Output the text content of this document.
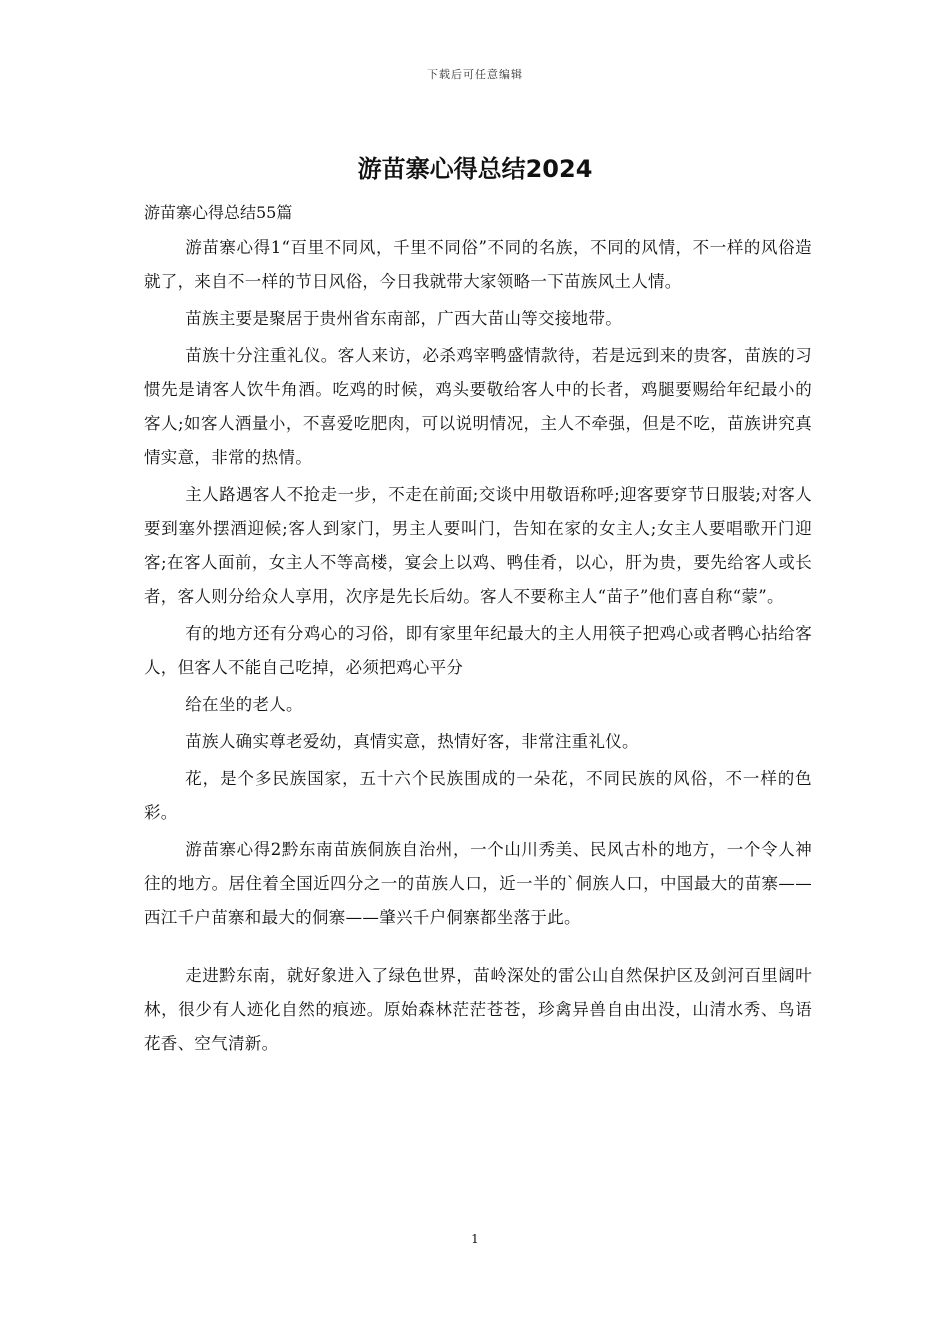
下载后可任意编辑
游苗寨心得总结2024

游苗寨心得总结55篇

游苗寨心得1“百里不同风，千里不同俗”不同的名族，不同的风情，不一样的风俗造就了，来自不一样的节日风俗，今日我就带大家领略一下苗族风土人情。

苗族主要是聚居于贵州省东南部，广西大苗山等交接地带。

苗族十分注重礼仪。客人来访，必杀鸡宰鸭盛情款待，若是远到来的贵客，苗族的习惯先是请客人饮牛角酒。吃鸡的时候，鸡头要敬给客人中的长者，鸡腿要赐给年纪最小的客人;如客人酒量小，不喜爱吃肥肉，可以说明情况，主人不牵强，但是不吃，苗族讲究真情实意，非常的热情。

主人路遇客人不抢走一步，不走在前面;交谈中用敬语称呼;迎客要穿节日服装;对客人要到塞外摆酒迎候;客人到家门，男主人要叫门，告知在家的女主人;女主人要唱歌开门迎客;在客人面前，女主人不等高楼，宴会上以鸡、鸭佳肴，以心，肝为贵，要先给客人或长者，客人则分给众人享用，次序是先长后幼。客人不要称主人“苗子”他们喜自称“蒙”。

有的地方还有分鸡心的习俗，即有家里年纪最大的主人用筷子把鸡心或者鸭心拈给客人，但客人不能自己吃掉，必须把鸡心平分

给在坐的老人。

苗族人确实尊老爱幼，真情实意，热情好客，非常注重礼仪。

花，是个多民族国家，五十六个民族围成的一朵花，不同民族的风俗，不一样的色彩。

游苗寨心得2黔东南苗族侗族自治州，一个山川秀美、民风古朴的地方，一个令人神往的地方。居住着全国近四分之一的苗族人口，近一半的`侗族人口，中国最大的苗寨——西江千户苗寨和最大的侗寨——肇兴千户侗寨都坐落于此。

走进黔东南，就好象进入了绿色世界，苗岭深处的雷公山自然保护区及剑河百里阔叶林，很少有人迹化自然的痕迹。原始森林茫茫苍苍，珍禽异兽自由出没，山清水秀、鸟语花香、空气清新。

1
